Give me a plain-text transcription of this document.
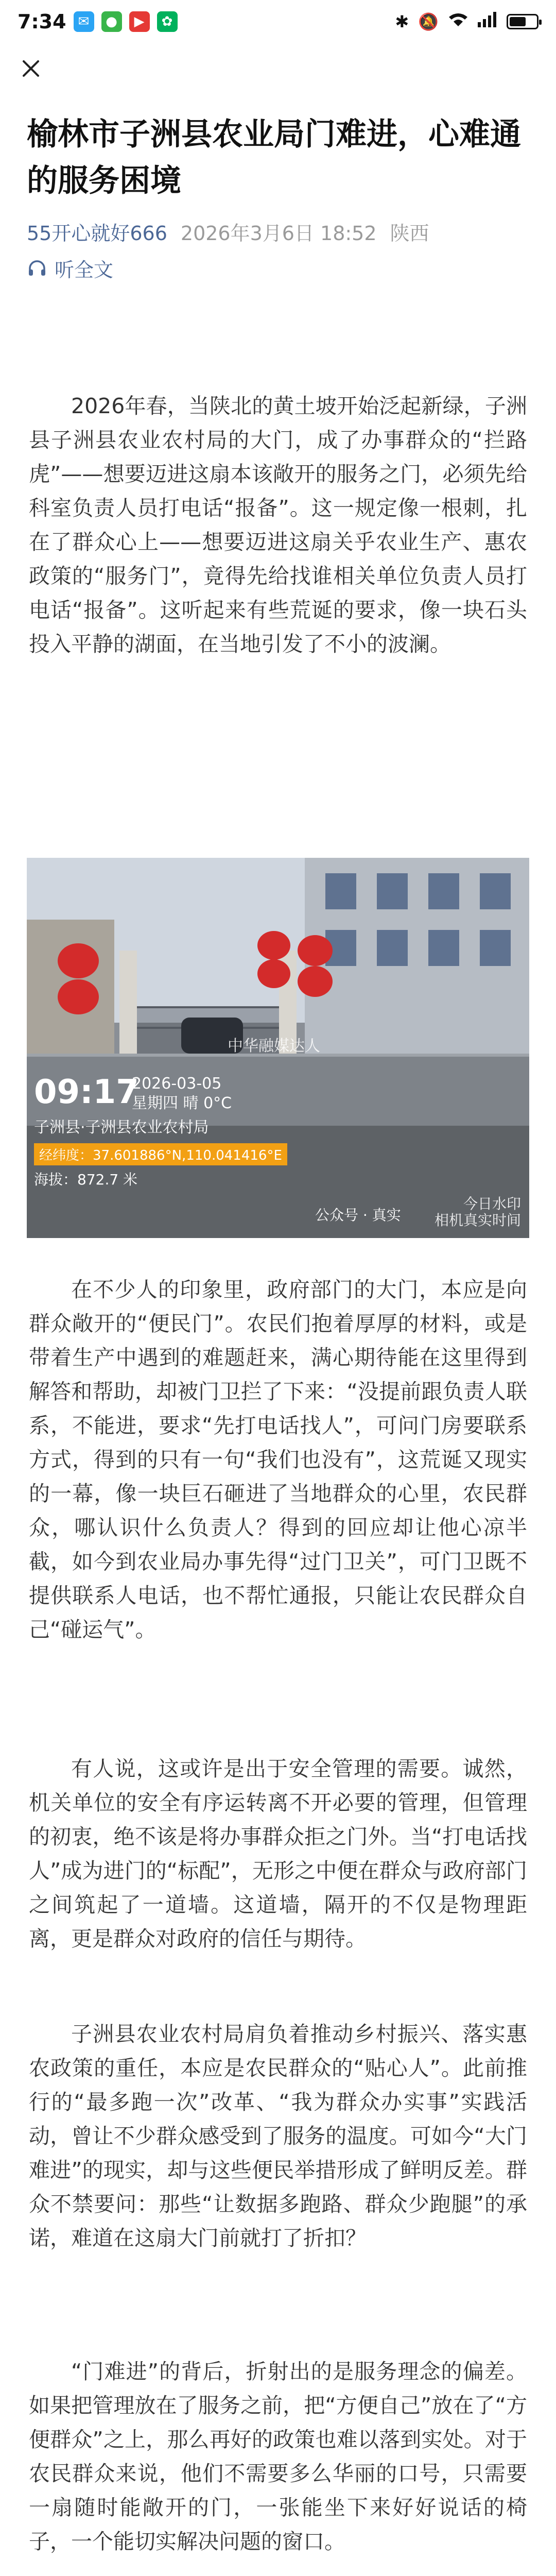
7:34 ✉	●	▶	✿	✱ 🔕
榆林市子洲县农业局门难进，心难通的服务困境
55开心就好666 2026年3月6日 18:52 陕西
听全文

2026年春，当陕北的黄土坡开始泛起新绿，子洲县子洲县农业农村局的大门，成了办事群众的“拦路虎”——想要迈进这扇本该敞开的服务之门，必须先给科室负责人员打电话“报备”。这一规定像一根刺，扎在了群众心上——想要迈进这扇关乎农业生产、惠农政策的“服务门”，竟得先给找谁相关单位负责人员打电话“报备”。这听起来有些荒诞的要求，像一块石头投入平静的湖面，在当地引发了不小的波澜。

中华融媒达人
09:17
2026-03-05
星期四 晴 0°C
子洲县·子洲县农业农村局
经纬度：37.601886°N,110.041416°E
海拔：872.7 米
公众号 · 真实
今日水印
相机真实时间

在不少人的印象里，政府部门的大门，本应是向群众敞开的“便民门”。农民们抱着厚厚的材料，或是带着生产中遇到的难题赶来，满心期待能在这里得到解答和帮助，却被门卫拦了下来：“没提前跟负责人联系，不能进，要求“先打电话找人”，可问门房要联系方式，得到的只有一句“我们也没有”，这荒诞又现实的一幕，像一块巨石砸进了当地群众的心里，农民群众，哪认识什么负责人？得到的回应却让他心凉半截，如今到农业局办事先得“过门卫关”，可门卫既不提供联系人电话，也不帮忙通报，只能让农民群众自己“碰运气”。

有人说，这或许是出于安全管理的需要。诚然，机关单位的安全有序运转离不开必要的管理，但管理的初衷，绝不该是将办事群众拒之门外。当“打电话找人”成为进门的“标配”，无形之中便在群众与政府部门之间筑起了一道墙。这道墙，隔开的不仅是物理距离，更是群众对政府的信任与期待。

子洲县农业农村局肩负着推动乡村振兴、落实惠农政策的重任，本应是农民群众的“贴心人”。此前推行的“最多跑一次”改革、“我为群众办实事”实践活动，曾让不少群众感受到了服务的温度。可如今“大门难进”的现实，却与这些便民举措形成了鲜明反差。群众不禁要问：那些“让数据多跑路、群众少跑腿”的承诺，难道在这扇大门前就打了折扣？

“门难进”的背后，折射出的是服务理念的偏差。如果把管理放在了服务之前，把“方便自己”放在了“方便群众”之上，那么再好的政策也难以落到实处。对于农民群众来说，他们不需要多么华丽的口号，只需要一扇随时能敞开的门，一张能坐下来好好说话的椅子，一个能切实解决问题的窗口。
